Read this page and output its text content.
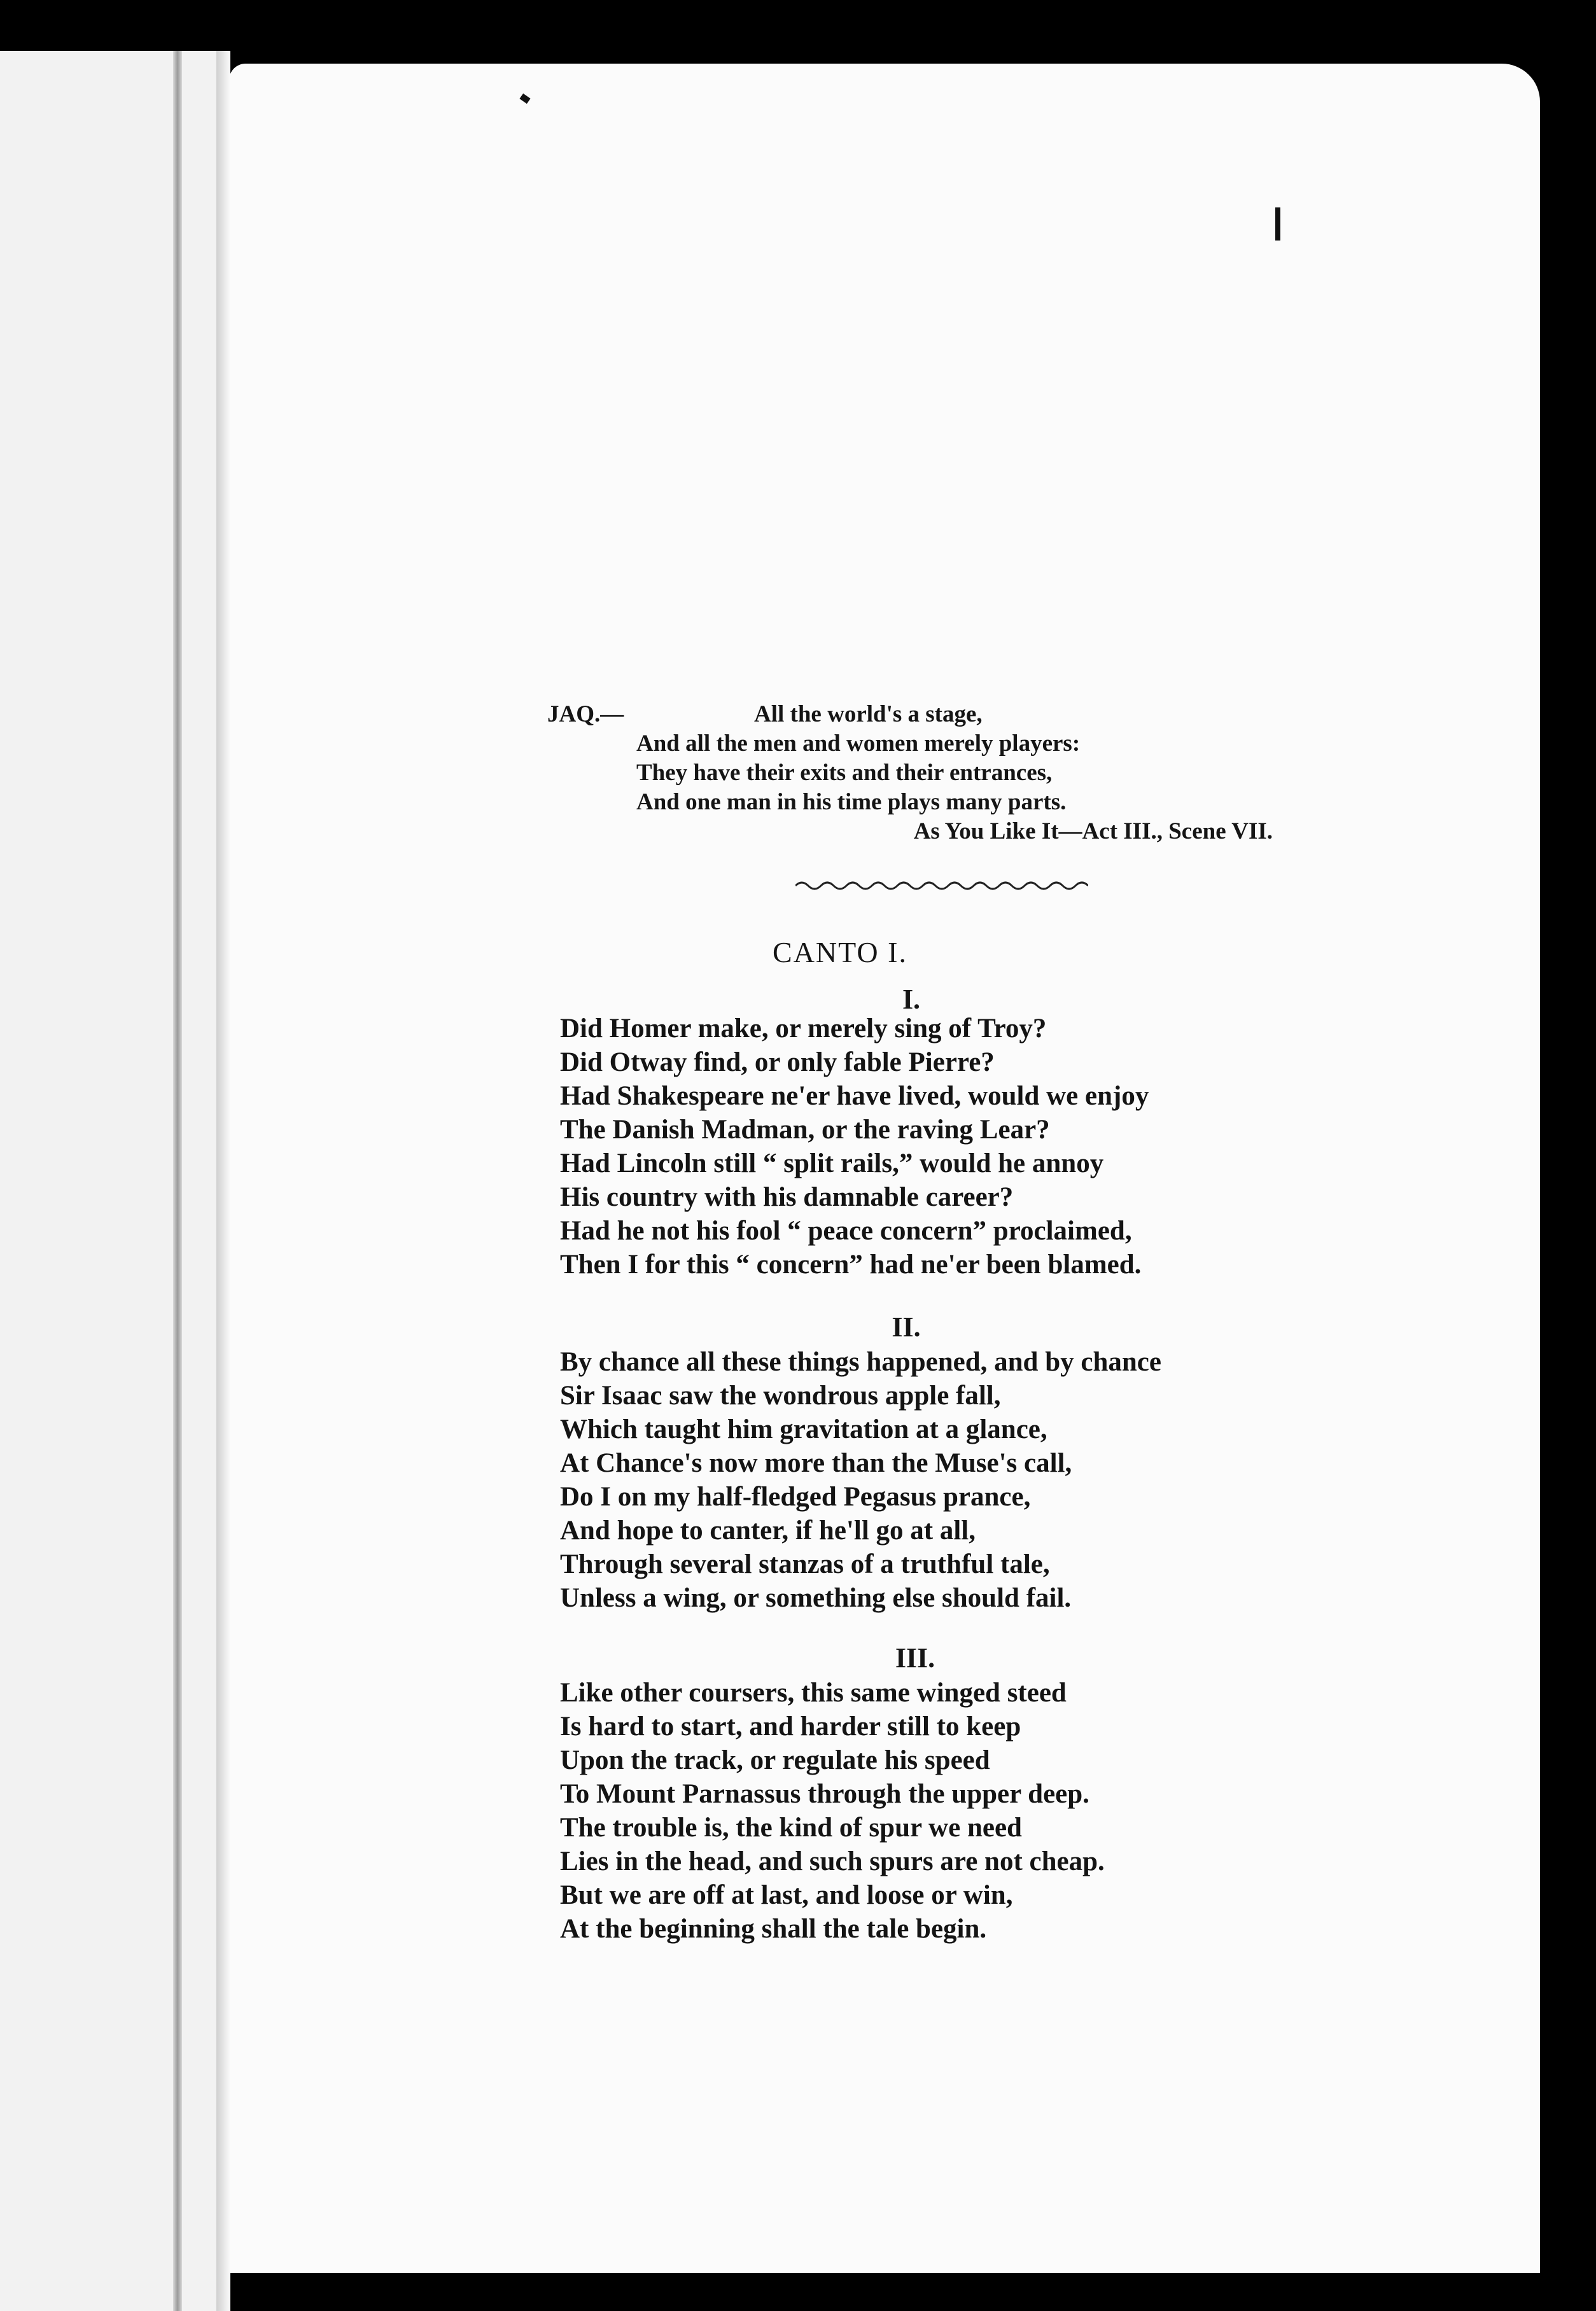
JAQ.—	All the world's a stage,
And all the men and women merely players:
They have their exits and their entrances,
And one man in his time plays many parts.
As You Like It—Act III., Scene VII.
CANTO I.
I.
Did Homer make, or merely sing of Troy?
Did Otway find, or only fable Pierre?
Had Shakespeare ne'er have lived, would we enjoy
The Danish Madman, or the raving Lear?
Had Lincoln still “ split rails,” would he annoy
His country with his damnable career?
Had he not his fool “ peace concern” proclaimed,
Then I for this “ concern” had ne'er been blamed.
II.
By chance all these things happened, and by chance
Sir Isaac saw the wondrous apple fall,
Which taught him gravitation at a glance,
At Chance's now more than the Muse's call,
Do I on my half-fledged Pegasus prance,
And hope to canter, if he'll go at all,
Through several stanzas of a truthful tale,
Unless a wing, or something else should fail.
III.
Like other coursers, this same winged steed
Is hard to start, and harder still to keep
Upon the track, or regulate his speed
To Mount Parnassus through the upper deep.
The trouble is, the kind of spur we need
Lies in the head, and such spurs are not cheap.
But we are off at last, and loose or win,
At the beginning shall the tale begin.
